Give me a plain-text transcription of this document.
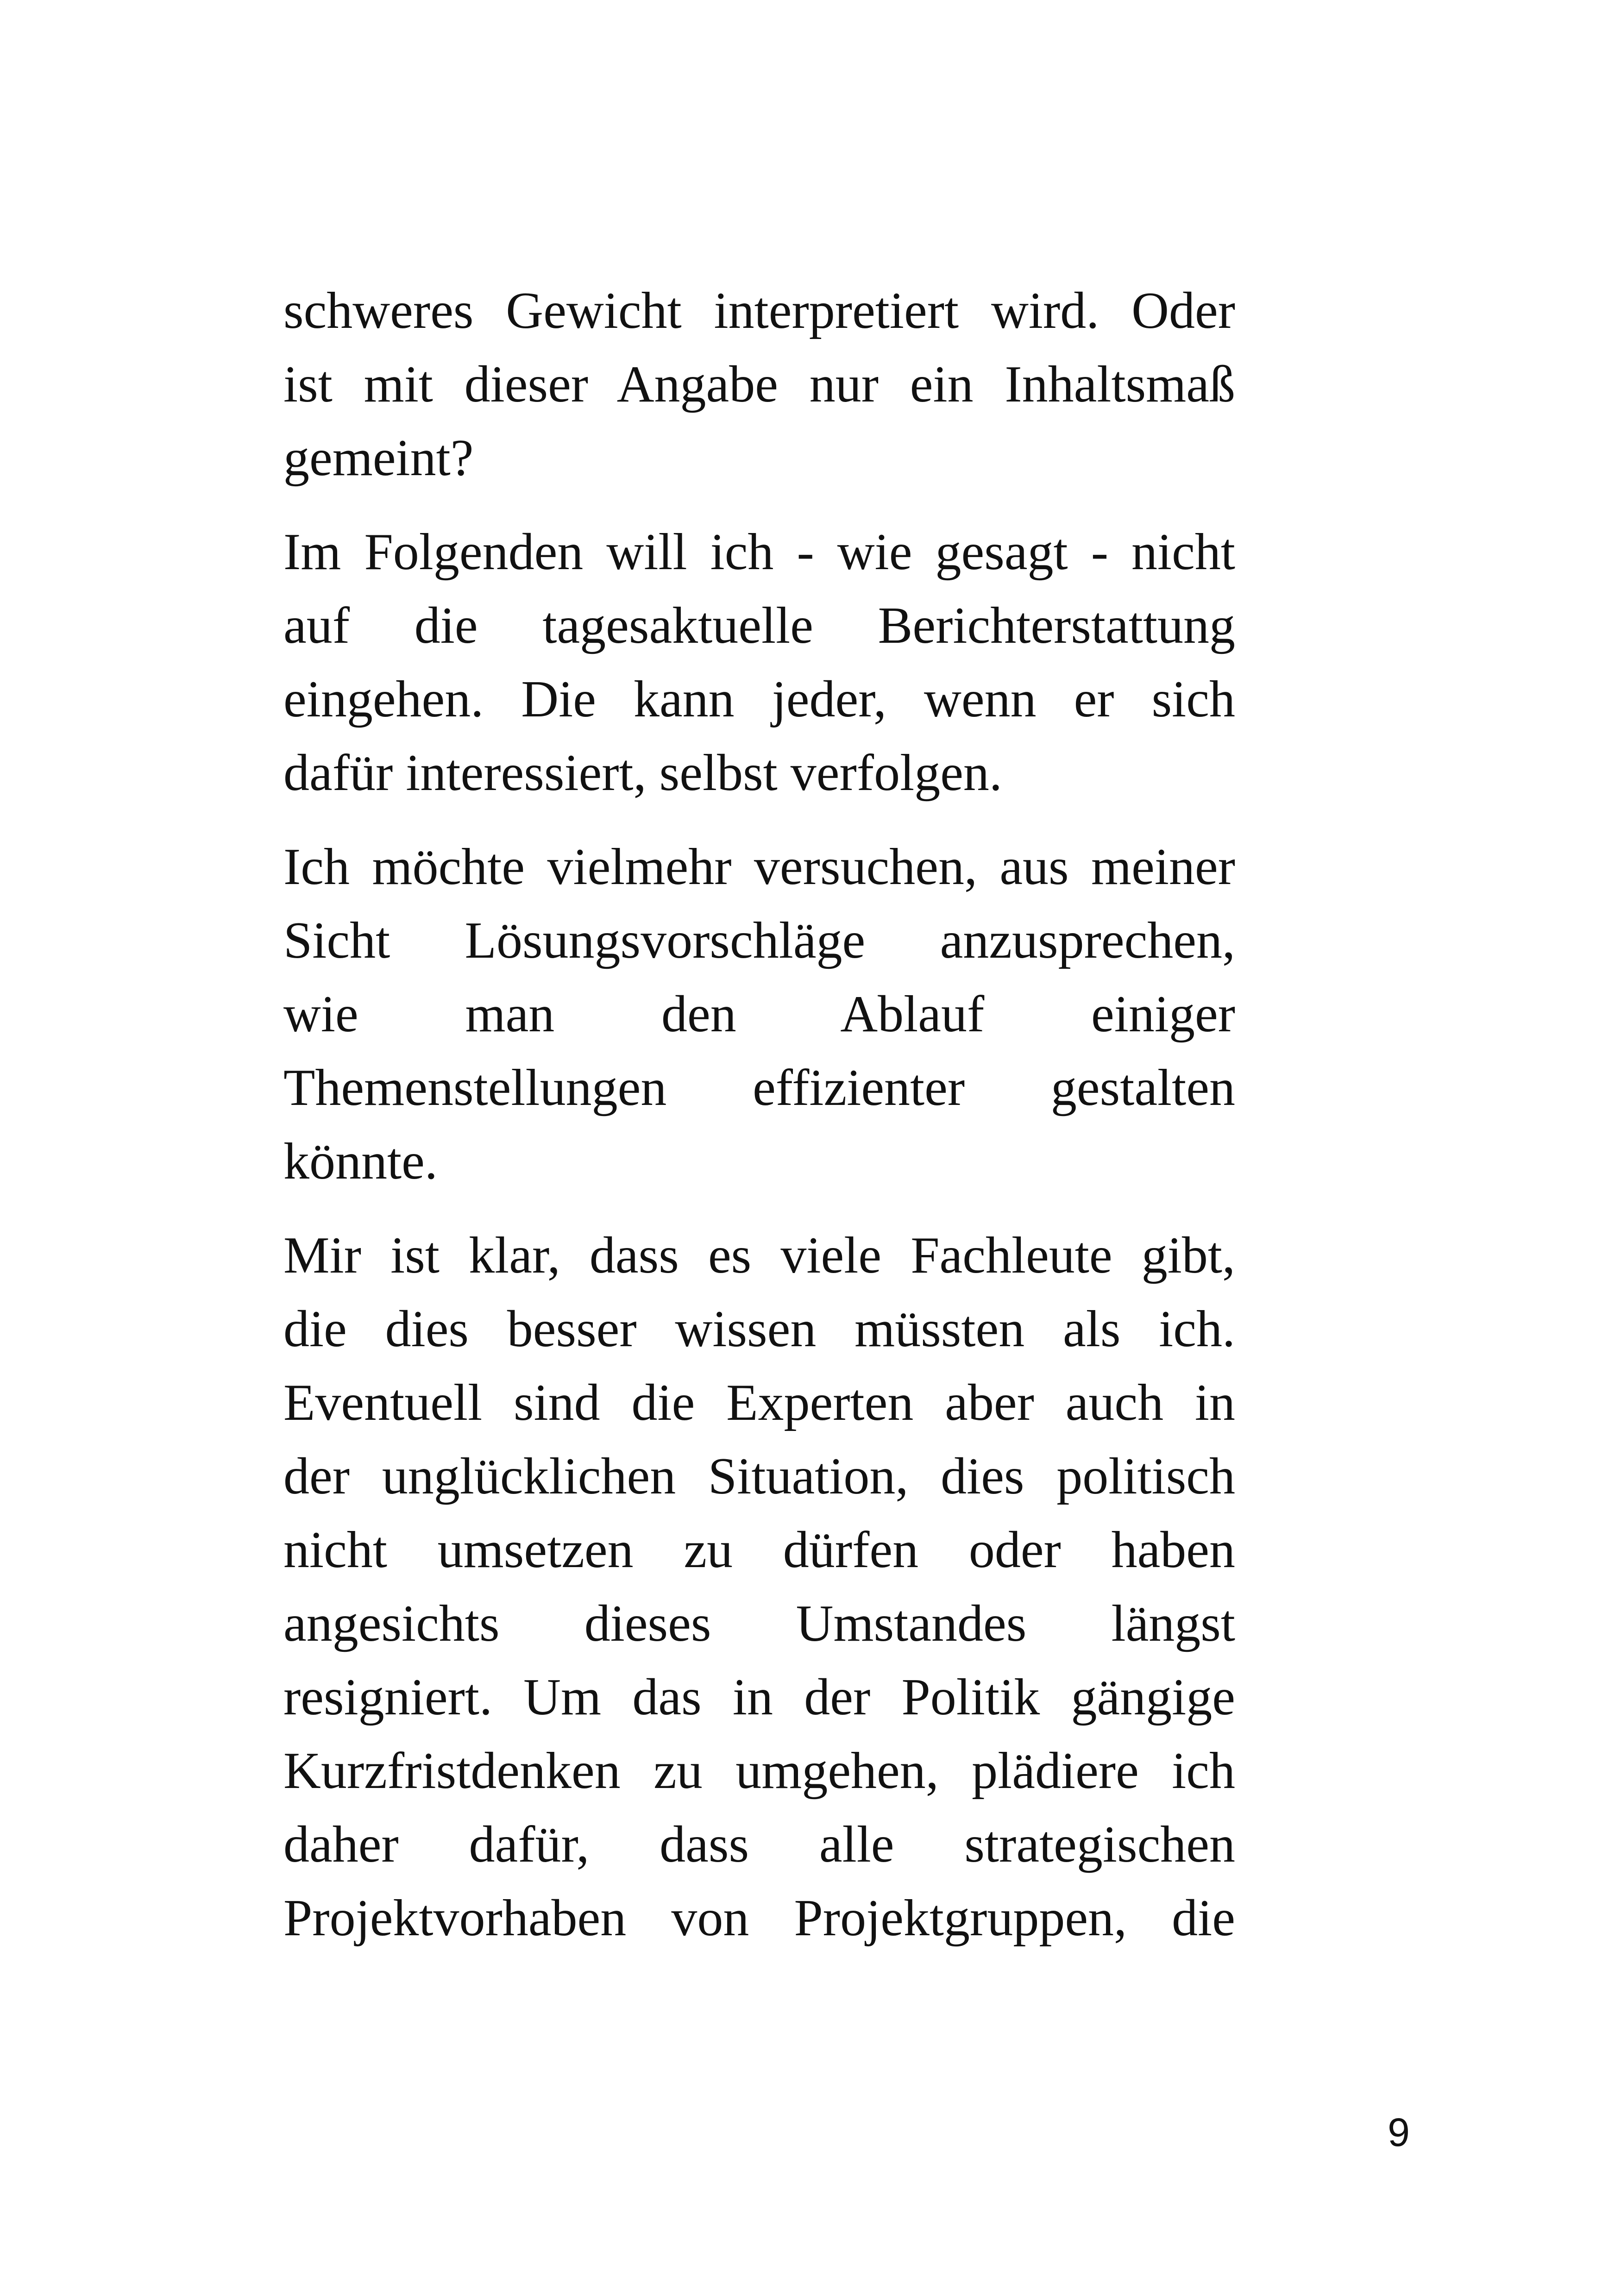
schweres Gewicht interpretiert wird. Oder
ist mit dieser Angabe nur ein Inhaltsmaß
gemeint?

Im Folgenden will ich - wie gesagt - nicht
auf die tagesaktuelle Berichterstattung
eingehen. Die kann jeder, wenn er sich
dafür interessiert, selbst verfolgen.

Ich möchte vielmehr versuchen, aus meiner
Sicht Lösungsvorschläge anzusprechen,
wie man den Ablauf einiger
Themenstellungen effizienter gestalten
könnte.

Mir ist klar, dass es viele Fachleute gibt,
die dies besser wissen müssten als ich.
Eventuell sind die Experten aber auch in
der unglücklichen Situation, dies politisch
nicht umsetzen zu dürfen oder haben
angesichts dieses Umstandes längst
resigniert. Um das in der Politik gängige
Kurzfristdenken zu umgehen, plädiere ich
daher dafür, dass alle strategischen
Projektvorhaben von Projektgruppen, die

9
